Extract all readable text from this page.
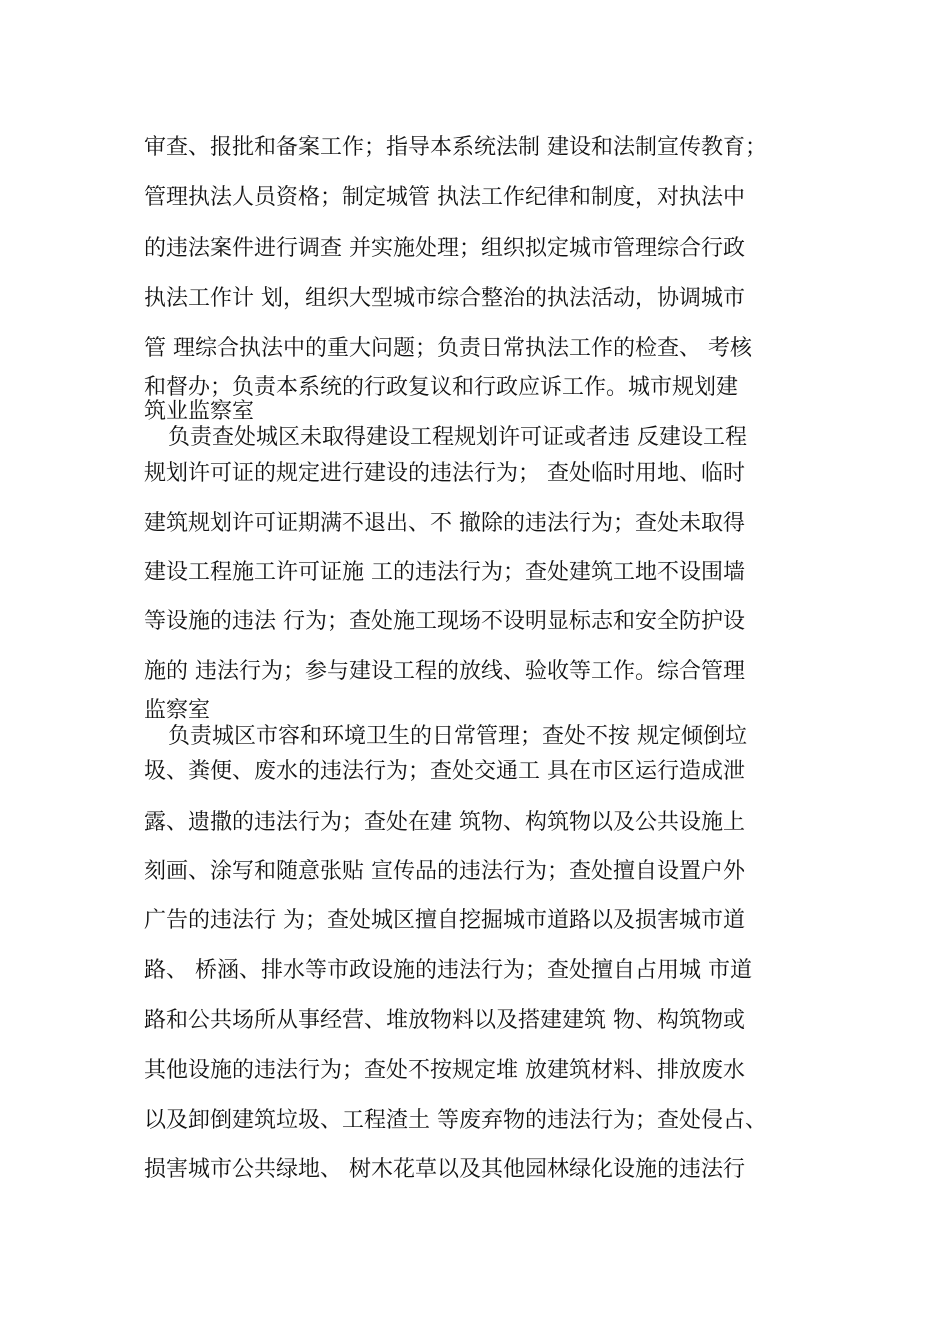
审查、报批和备案工作；指导本系统法制 建设和法制宣传教育；
管理执法人员资格；制定城管 执法工作纪律和制度，对执法中
的违法案件进行调查 并实施处理；组织拟定城市管理综合行政
执法工作计 划，组织大型城市综合整治的执法活动，协调城市
管 理综合执法中的重大问题；负责日常执法工作的检查、 考核
和督办；负责本系统的行政复议和行政应诉工作。城市规划建
筑业监察室
负责查处城区未取得建设工程规划许可证或者违 反建设工程
规划许可证的规定进行建设的违法行为； 查处临时用地、临时
建筑规划许可证期满不退出、不 撤除的违法行为；查处未取得
建设工程施工许可证施 工的违法行为；查处建筑工地不设围墙
等设施的违法 行为；查处施工现场不设明显标志和安全防护设
施的 违法行为；参与建设工程的放线、验收等工作。综合管理
监察室
负责城区市容和环境卫生的日常管理；查处不按 规定倾倒垃
圾、粪便、废水的违法行为；查处交通工 具在市区运行造成泄
露、遗撒的违法行为；查处在建 筑物、构筑物以及公共设施上
刻画、涂写和随意张贴 宣传品的违法行为；查处擅自设置户外
广告的违法行 为；查处城区擅自挖掘城市道路以及损害城市道
路、 桥涵、排水等市政设施的违法行为；查处擅自占用城 市道
路和公共场所从事经营、堆放物料以及搭建建筑 物、构筑物或
其他设施的违法行为；查处不按规定堆 放建筑材料、排放废水
以及卸倒建筑垃圾、工程渣土 等废弃物的违法行为；查处侵占、
损害城市公共绿地、 树木花草以及其他园林绿化设施的违法行
